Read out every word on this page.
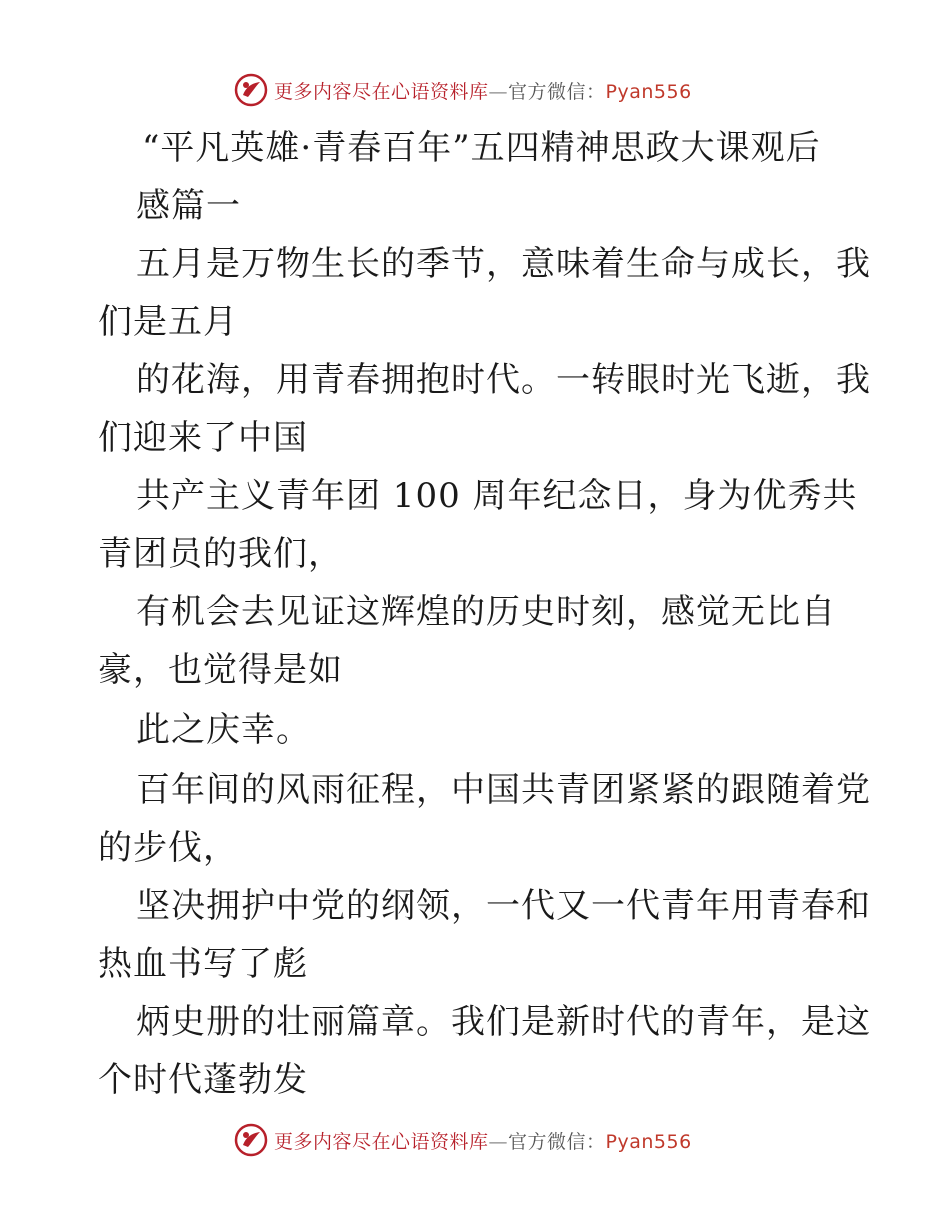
更多内容尽在心语资料库—官方微信：Pyan556
“平凡英雄·青春百年”五四精神思政大课观后
感篇一
五月是万物生长的季节，意味着生命与成长，我
们是五月
的花海，用青春拥抱时代。一转眼时光飞逝，我
们迎来了中国
共产主义青年团 100 周年纪念日，身为优秀共
青团员的我们，
有机会去见证这辉煌的历史时刻，感觉无比自
豪，也觉得是如
此之庆幸。
百年间的风雨征程，中国共青团紧紧的跟随着党
的步伐，
坚决拥护中党的纲领，一代又一代青年用青春和
热血书写了彪
炳史册的壮丽篇章。我们是新时代的青年，是这
个时代蓬勃发
更多内容尽在心语资料库—官方微信：Pyan556
